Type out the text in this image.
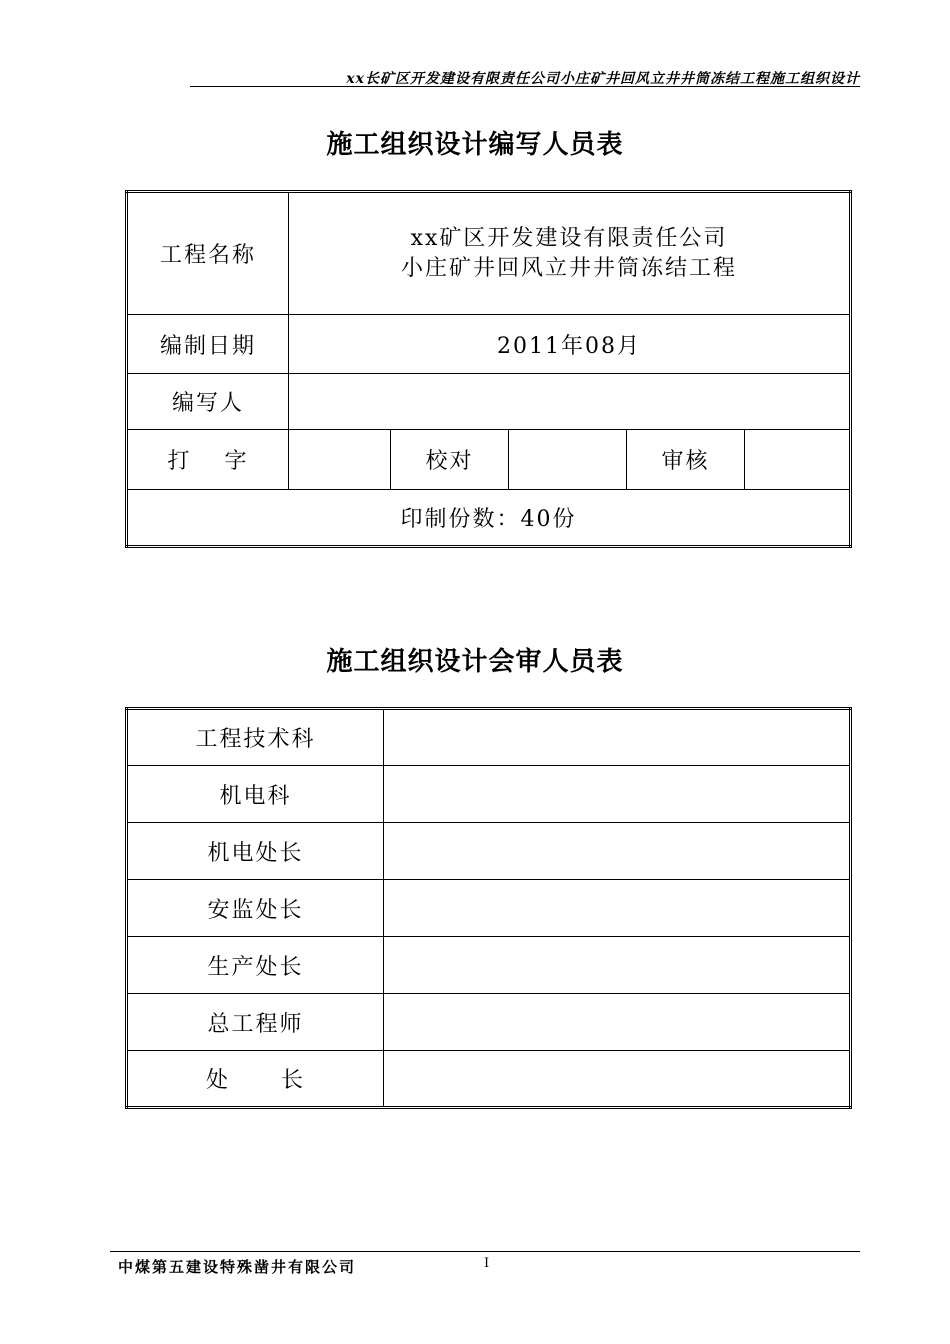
xx长矿区开发建设有限责任公司小庄矿井回风立井井筒冻结工程施工组织设计
施工组织设计编写人员表
工程名称	xx矿区开发建设有限责任公司
小庄矿井回风立井井筒冻结工程				

编制日期	2011年08月				
编写人					
打 字		校对		审核	
印制份数：40份					
施工组织设计会审人员表
工程技术科	
机电科	
机电处长	
安监处长	
生产处长	
总工程师	
处 长	
中煤第五建设特殊凿井有限公司	I
